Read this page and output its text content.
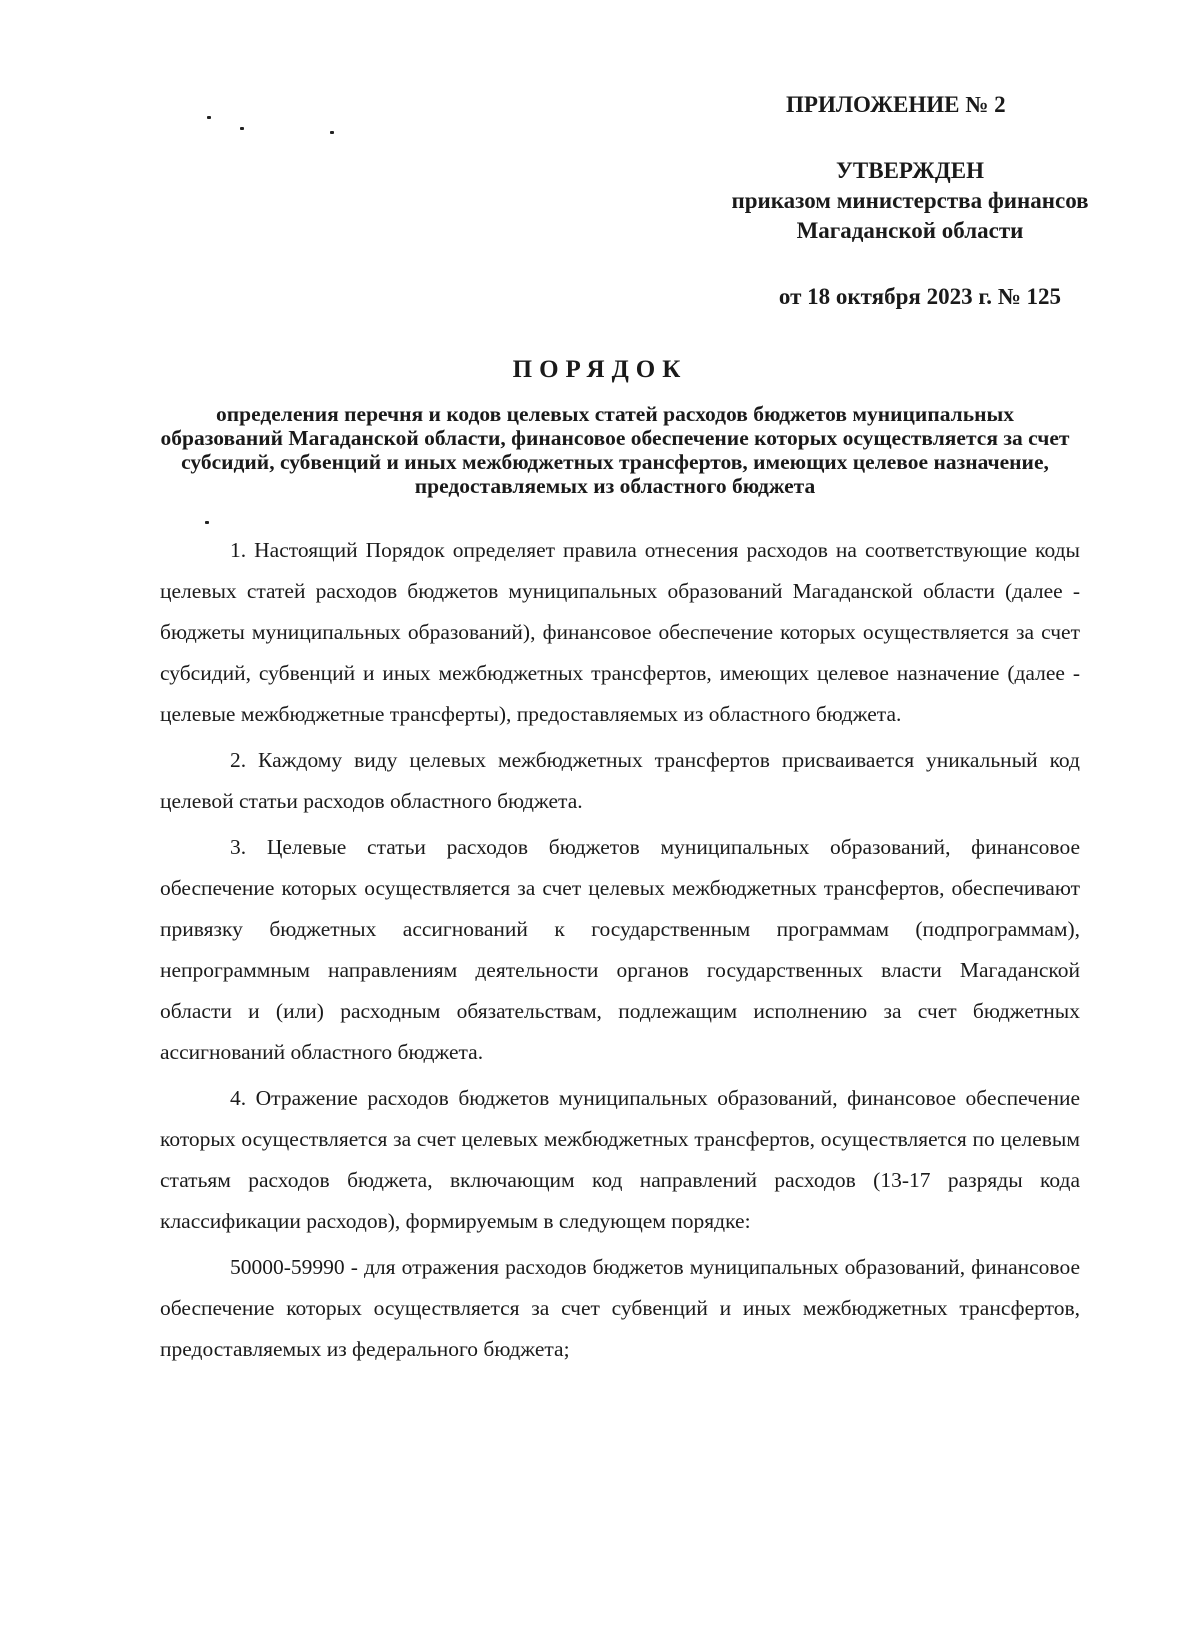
ПРИЛОЖЕНИЕ № 2
УТВЕРЖДЕН
приказом министерства финансов
Магаданской области
от 18 октября 2023 г. № 125
ПОРЯДОК
определения перечня и кодов целевых статей расходов бюджетов муниципальных образований Магаданской области, финансовое обеспечение которых осуществляется за счет субсидий, субвенций и иных межбюджетных трансфертов, имеющих целевое назначение, предоставляемых из областного бюджета

1. Настоящий Порядок определяет правила отнесения расходов на соответствующие коды целевых статей расходов бюджетов муниципальных образований Магаданской области (далее - бюджеты муниципальных образований), финансовое обеспечение которых осуществляется за счет субсидий, субвенций и иных межбюджетных трансфертов, имеющих целевое назначение (далее - целевые межбюджетные трансферты), предоставляемых из областного бюджета.

2. Каждому виду целевых межбюджетных трансфертов присваивается уникальный код целевой статьи расходов областного бюджета.

3. Целевые статьи расходов бюджетов муниципальных образований, финансовое обеспечение которых осуществляется за счет целевых межбюджетных трансфертов, обеспечивают привязку бюджетных ассигнований к государственным программам (подпрограммам), непрограммным направлениям деятельности органов государственных власти Магаданской области и (или) расходным обязательствам, подлежащим исполнению за счет бюджетных ассигнований областного бюджета.

4. Отражение расходов бюджетов муниципальных образований, финансовое обеспечение которых осуществляется за счет целевых межбюджетных трансфертов, осуществляется по целевым статьям расходов бюджета, включающим код направлений расходов (13-17 разряды кода классификации расходов), формируемым в следующем порядке:

50000-59990 - для отражения расходов бюджетов муниципальных образований, финансовое обеспечение которых осуществляется за счет субвенций и иных межбюджетных трансфертов, предоставляемых из федерального бюджета;
